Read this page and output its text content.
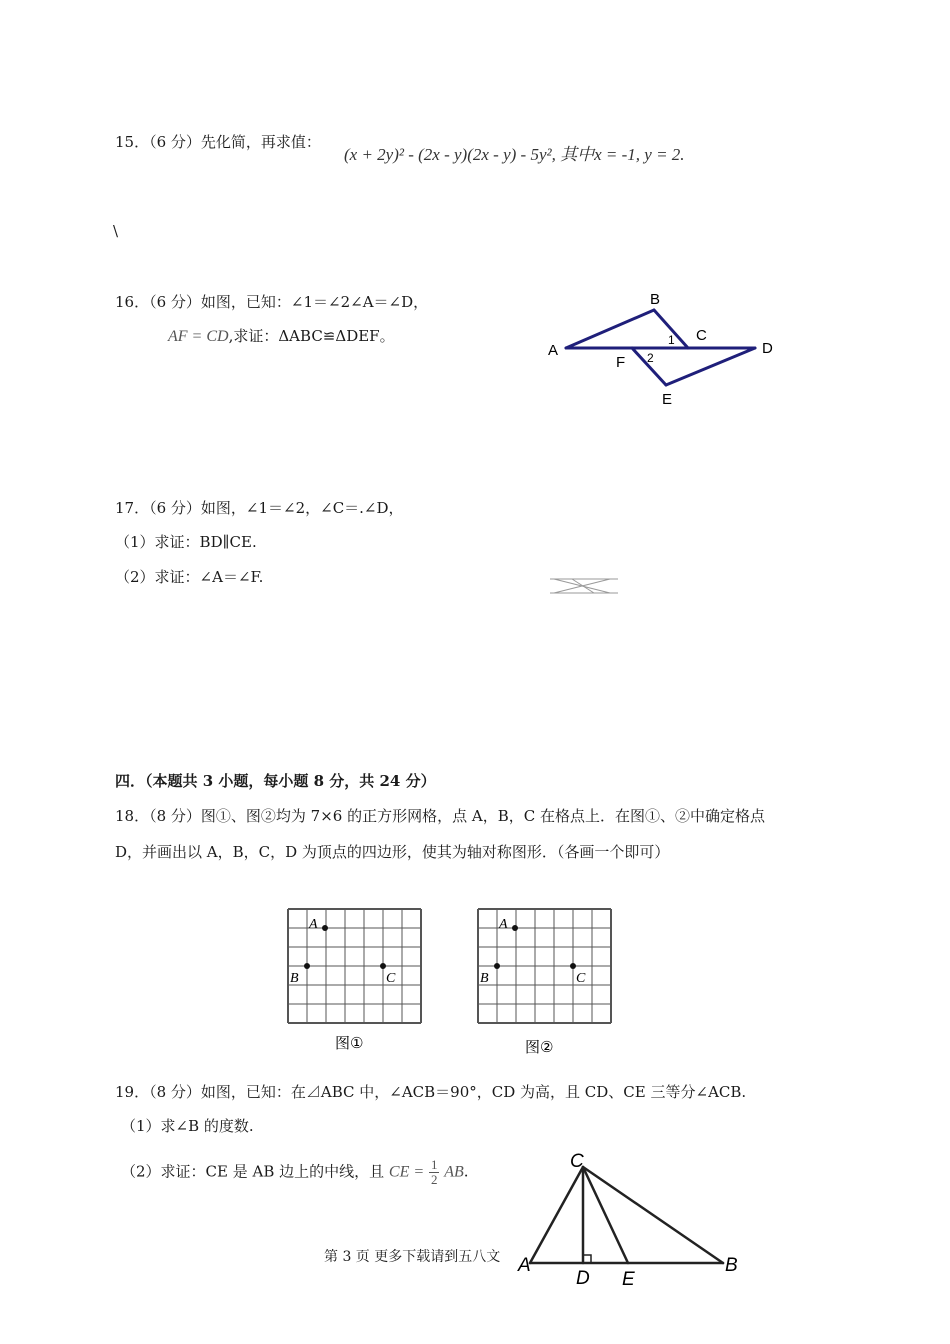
15．（6 分）先化简，再求值：
(x + 2y)² - (2x - y)(2x - y) - 5y², 其中x = -1, y = 2.
\
16．（6 分）如图，已知：∠1＝∠2∠A＝∠D，
AF = CD,求证：ΔABC≌ΔDEF。
B
C
A	D
F
E
1
2
17．（6 分）如图，∠1＝∠2，∠C＝.∠D，
（1）求证：BD∥CE.
（2）求证：∠A＝∠F.
四．（本题共 3 小题，每小题 8 分，共 24 分）
18．（8 分）图①、图②均为 7×6 的正方形网格，点 A，B，C 在格点上．在图①、②中确定格点
D，并画出以 A，B，C，D 为顶点的四边形，使其为轴对称图形．（各画一个即可）
A
B	C
图①
A
B	C
图②
19．（8 分）如图，已知：在⊿ABC 中，∠ACB＝90°，CD 为高，且 CD、CE 三等分∠ACB.
（1）求∠B 的度数.
（2）求证：CE 是 AB 边上的中线，且 CE = $\frac{1}{2}$ AB.	C
A
D E
B
第 3 页 更多下载请到五八文
